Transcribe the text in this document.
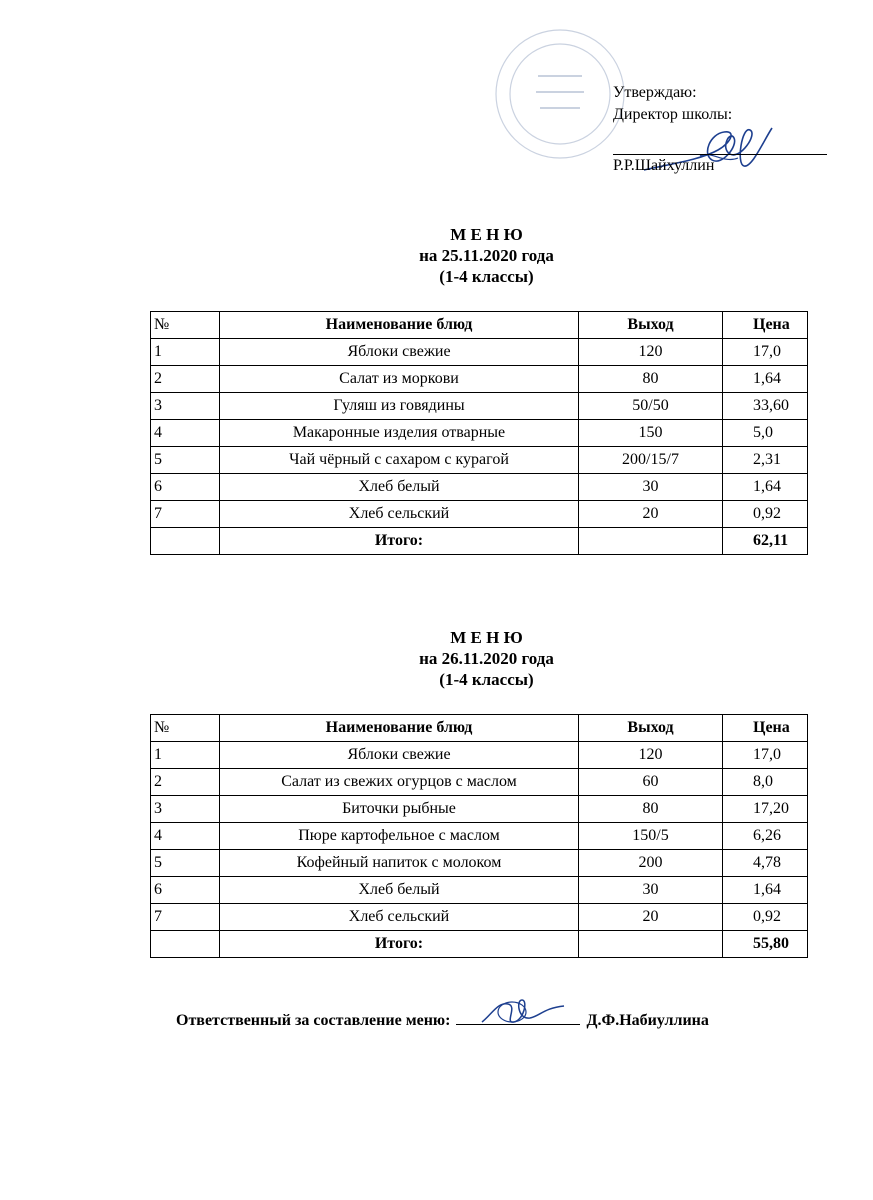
Утверждаю:
Директор школы:
Р.Р.Шайхуллин
М Е Н Ю
на 25.11.2020 года
(1-4 классы)
№	Наименование блюд	Выход	Цена
1	Яблоки свежие	120	17,0
2	Салат из моркови	80	1,64
3	Гуляш из говядины	50/50	33,60
4	Макаронные изделия отварные	150	5,0
5	Чай чёрный с сахаром с курагой	200/15/7	2,31
6	Хлеб белый	30	1,64
7	Хлеб сельский	20	0,92
	Итого:		62,11
М Е Н Ю
на 26.11.2020 года
(1-4 классы)
№	Наименование блюд	Выход	Цена
1	Яблоки свежие	120	17,0
2	Салат из свежих огурцов с маслом	60	8,0
3	Биточки рыбные	80	17,20
4	Пюре картофельное с маслом	150/5	6,26
5	Кофейный напиток с молоком	200	4,78
6	Хлеб белый	30	1,64
7	Хлеб сельский	20	0,92
	Итого:		55,80
Ответственный за составление меню:	Д.Ф.Набиуллина
